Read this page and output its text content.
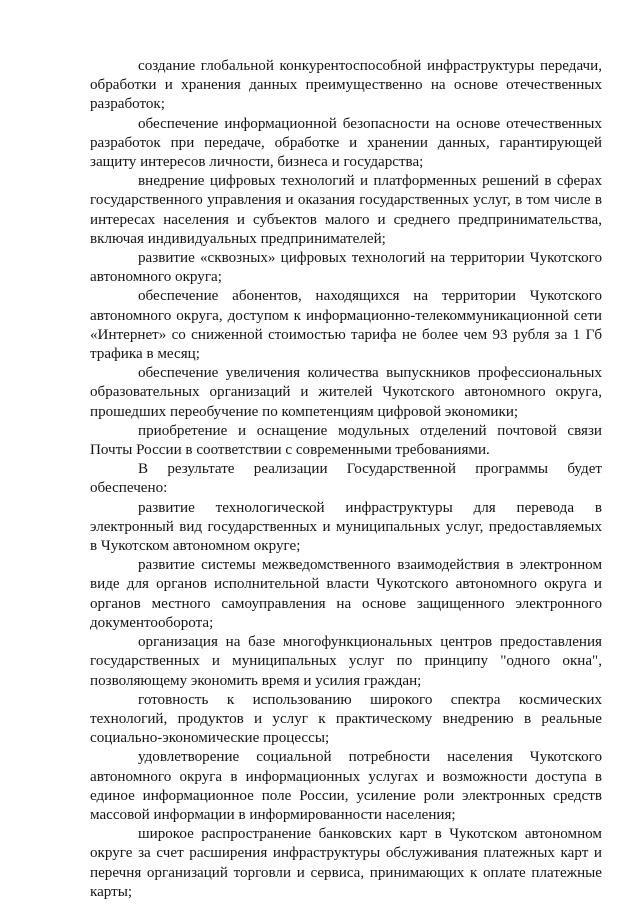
создание глобальной конкурентоспособной инфраструктуры передачи, обработки и хранения данных преимущественно на основе отечественных разработок;

обеспечение информационной безопасности на основе отечественных разработок при передаче, обработке и хранении данных, гарантирующей защиту интересов личности, бизнеса и государства;

внедрение цифровых технологий и платформенных решений в сферах государственного управления и оказания государственных услуг, в том числе в интересах населения и субъектов малого и среднего предпринимательства, включая индивидуальных предпринимателей;

развитие «сквозных» цифровых технологий на территории Чукотского автономного округа;

обеспечение абонентов, находящихся на территории Чукотского автономного округа, доступом к информационно-телекоммуникационной сети «Интернет» со сниженной стоимостью тарифа не более чем 93 рубля за 1 Гб трафика в месяц;

обеспечение увеличения количества выпускников профессиональных образовательных организаций и жителей Чукотского автономного округа, прошедших переобучение по компетенциям цифровой экономики;

приобретение и оснащение модульных отделений почтовой связи Почты России в соответствии с современными требованиями.

В результате реализации Государственной программы будет обеспечено:

развитие технологической инфраструктуры для перевода в электронный вид государственных и муниципальных услуг, предоставляемых в Чукотском автономном округе;

развитие системы межведомственного взаимодействия в электронном виде для органов исполнительной власти Чукотского автономного округа и органов местного самоуправления на основе защищенного электронного документооборота;

организация на базе многофункциональных центров предоставления государственных и муниципальных услуг по принципу "одного окна", позволяющему экономить время и усилия граждан;

готовность к использованию широкого спектра космических технологий, продуктов и услуг к практическому внедрению в реальные социально-экономические процессы;

удовлетворение социальной потребности населения Чукотского автономного округа в информационных услугах и возможности доступа в единое информационное поле России, усиление роли электронных средств массовой информации в информированности населения;

широкое распространение банковских карт в Чукотском автономном округе за счет расширения инфраструктуры обслуживания платежных карт и перечня организаций торговли и сервиса, принимающих к оплате платежные карты;
